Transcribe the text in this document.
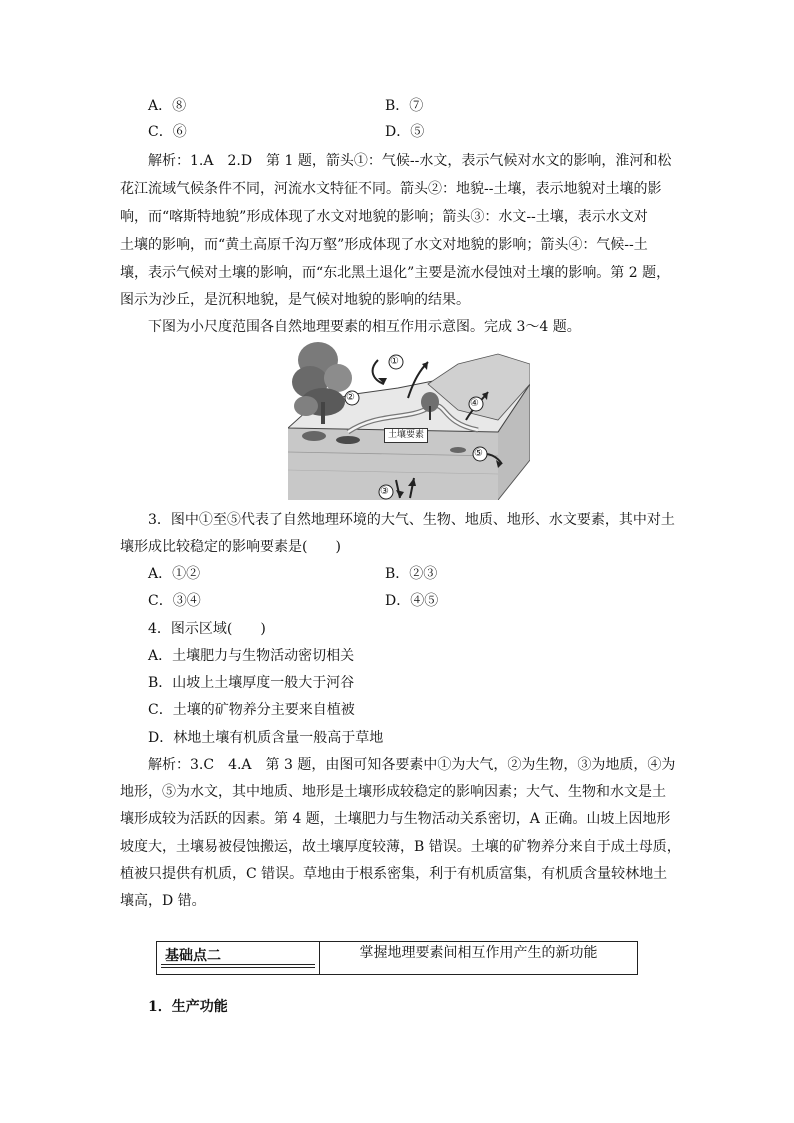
A．⑧	B．⑦
C．⑥	D．⑤
解析：1.A　2.D　第 1 题，箭头①：气候--水文，表示气候对水文的影响，淮河和松
花江流域气候条件不同，河流水文特征不同。箭头②：地貌--土壤，表示地貌对土壤的影
响，而“喀斯特地貌”形成体现了水文对地貌的影响；箭头③：水文--土壤，表示水文对
土壤的影响，而“黄土高原千沟万壑”形成体现了水文对地貌的影响；箭头④：气候--土
壤，表示气候对土壤的影响，而“东北黑土退化”主要是流水侵蚀对土壤的影响。第 2 题，
图示为沙丘，是沉积地貌，是气候对地貌的影响的结果。
下图为小尺度范围各自然地理要素的相互作用示意图。完成 3～4 题。
①
②
③
④
⑤
土壤要素
3．图中①至⑤代表了自然地理环境的大气、生物、地质、地形、水文要素，其中对土
壤形成比较稳定的影响要素是(　　)
A．①②	B．②③
C．③④	D．④⑤
4．图示区域(　　)
A．土壤肥力与生物活动密切相关
B．山坡上土壤厚度一般大于河谷
C．土壤的矿物养分主要来自植被
D．林地土壤有机质含量一般高于草地
解析：3.C　4.A　第 3 题，由图可知各要素中①为大气，②为生物，③为地质，④为
地形，⑤为水文，其中地质、地形是土壤形成较稳定的影响因素；大气、生物和水文是土
壤形成较为活跃的因素。第 4 题，土壤肥力与生物活动关系密切，A 正确。山坡上因地形
坡度大，土壤易被侵蚀搬运，故土壤厚度较薄，B 错误。土壤的矿物养分来自于成土母质，
植被只提供有机质，C 错误。草地由于根系密集，利于有机质富集，有机质含量较林地土
壤高，D 错。
基础点二	掌握地理要素间相互作用产生的新功能
1．生产功能
